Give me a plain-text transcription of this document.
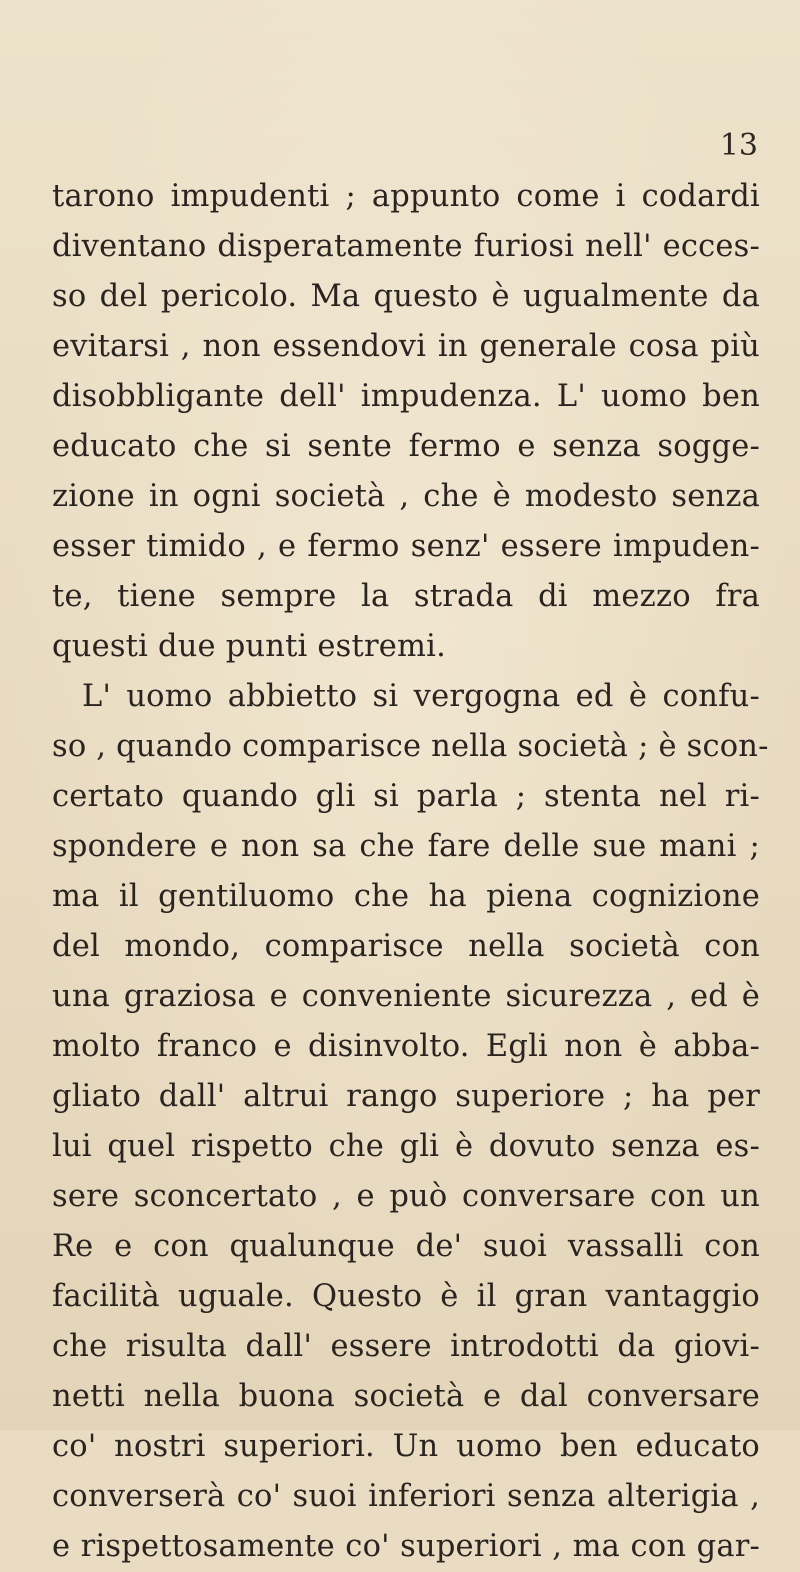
13
tarono impudenti ; appunto come i codardi
diventano disperatamente furiosi nell' ecces-
so del pericolo. Ma questo è ugualmente da
evitarsi , non essendovi in generale cosa più
disobbligante dell' impudenza. L' uomo ben
educato che si sente fermo e senza sogge-
zione in ogni società , che è modesto senza
esser timido , e fermo senz' essere impuden-
te, tiene sempre la strada di mezzo fra
questi due punti estremi.
L' uomo abbietto si vergogna ed è confu-
so , quando comparisce nella società ; è scon-
certato quando gli si parla ; stenta nel ri-
spondere e non sa che fare delle sue mani ;
ma il gentiluomo che ha piena cognizione
del mondo, comparisce nella società con
una graziosa e conveniente sicurezza , ed è
molto franco e disinvolto. Egli non è abba-
gliato dall' altrui rango superiore ; ha per
lui quel rispetto che gli è dovuto senza es-
sere sconcertato , e può conversare con un
Re e con qualunque de' suoi vassalli con
facilità uguale. Questo è il gran vantaggio
che risulta dall' essere introdotti da giovi-
netti nella buona società e dal conversare
co' nostri superiori. Un uomo ben educato
converserà co' suoi inferiori senza alterigia ,
e rispettosamente co' superiori , ma con gar-
